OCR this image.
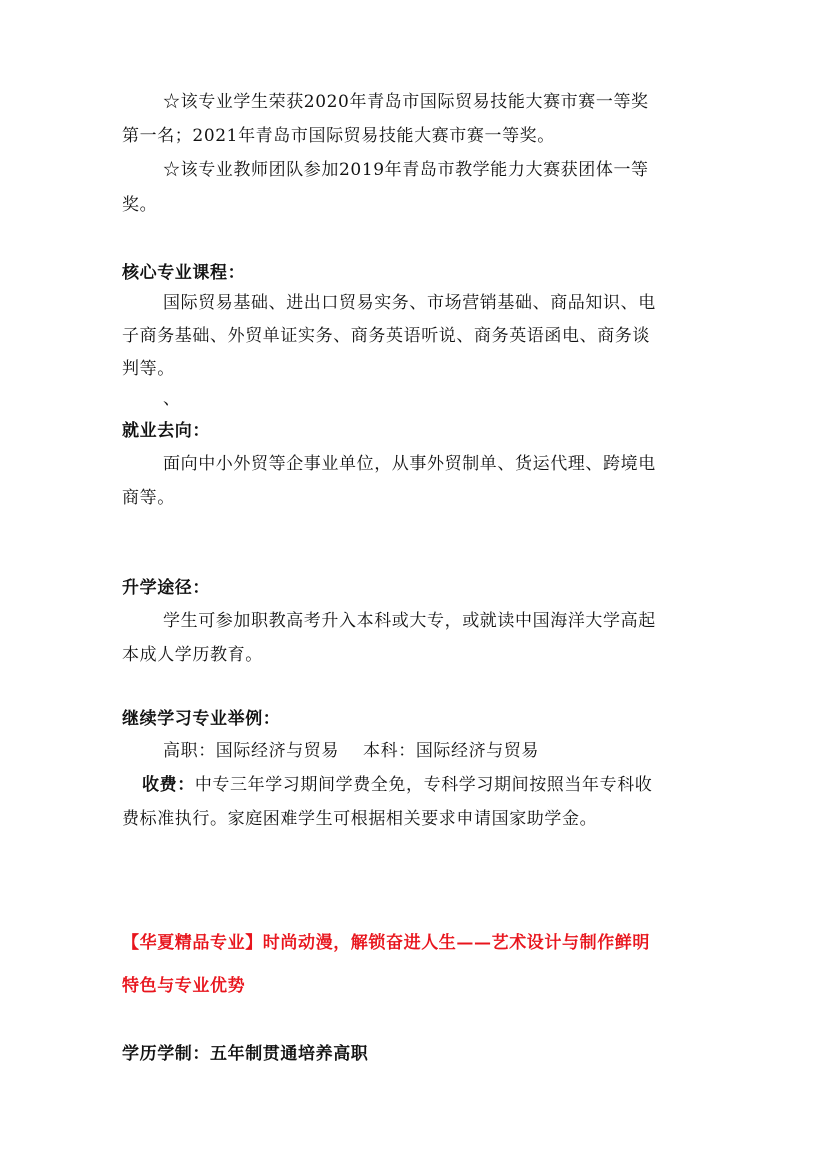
☆该专业学生荣获2020年青岛市国际贸易技能大赛市赛一等奖
第一名；2021年青岛市国际贸易技能大赛市赛一等奖。
☆该专业教师团队参加2019年青岛市教学能力大赛获团体一等
奖。
核心专业课程：
国际贸易基础、进出口贸易实务、市场营销基础、商品知识、电
子商务基础、外贸单证实务、商务英语听说、商务英语函电、商务谈
判等。
、
就业去向：
面向中小外贸等企事业单位，从事外贸制单、货运代理、跨境电
商等。
升学途径：
学生可参加职教高考升入本科或大专，或就读中国海洋大学高起
本成人学历教育。
继续学习专业举例：
高职：国际经济与贸易    本科：国际经济与贸易
收费：中专三年学习期间学费全免，专科学习期间按照当年专科收
费标准执行。家庭困难学生可根据相关要求申请国家助学金。
【华夏精品专业】时尚动漫，解锁奋进人生——艺术设计与制作鲜明
特色与专业优势
学历学制：五年制贯通培养高职
